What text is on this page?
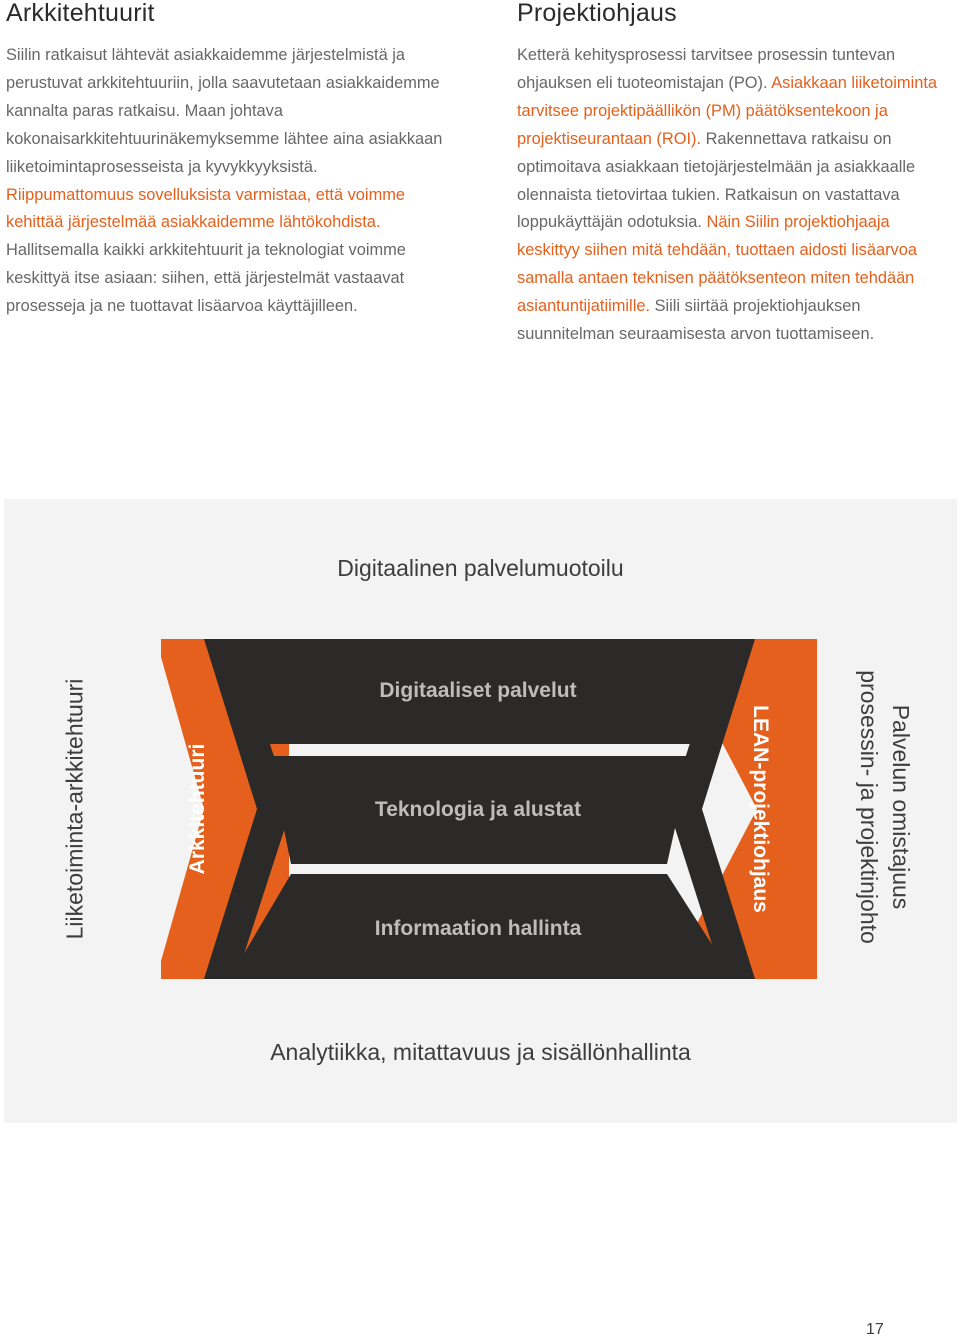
Arkkitehtuurit

Siilin ratkaisut lähtevät asiakkaidemme järjestelmistä ja perustuvat arkkitehtuuriin, jolla saavutetaan asiakkaidemme kannalta paras ratkaisu. Maan johtava kokonaisarkkitehtuurinäkemyksemme lähtee aina asiakkaan liiketoimintaprosesseista ja kyvykkyyksistä. Riippumattomuus sovelluksista varmistaa, että voimme kehittää järjestelmää asiakkaidemme lähtökohdista. Hallitsemalla kaikki arkkitehtuurit ja teknologiat voimme keskittyä itse asiaan: siihen, että järjestelmät vastaavat prosesseja ja ne tuottavat lisäarvoa käyttäjilleen.

Projektiohjaus

Ketterä kehitysprosessi tarvitsee prosessin tuntevan ohjauksen eli tuoteomistajan (PO). Asiakkaan liiketoiminta tarvitsee projektipäällikön (PM) päätöksentekoon ja projektiseurantaan (ROI). Rakennettava ratkaisu on optimoitava asiakkaan tietojärjestelmään ja asiakkaalle olennaista tietovirtaa tukien. Ratkaisun on vastattava loppukäyttäjän odotuksia. Näin Siilin projektiohjaaja keskittyy siihen mitä tehdään, tuottaen aidosti lisäarvoa samalla antaen teknisen päätöksenteon miten tehdään asiantuntijatiimille. Siili siirtää projektiohjauksen suunnitelman seuraamisesta arvon tuottamiseen.

Digitaalinen palvelumuotoilu
Digitaaliset palvelut
Teknologia ja alustat
Informaation hallinta
Analytiikka, mitattavuus ja sisällönhallinta
Liiketoiminta-arkkitehtuuri	Arkkitehtuuri	LEAN-projektiohjaus	Palvelun omistajuus
prosessin- ja projektinjohto
17
